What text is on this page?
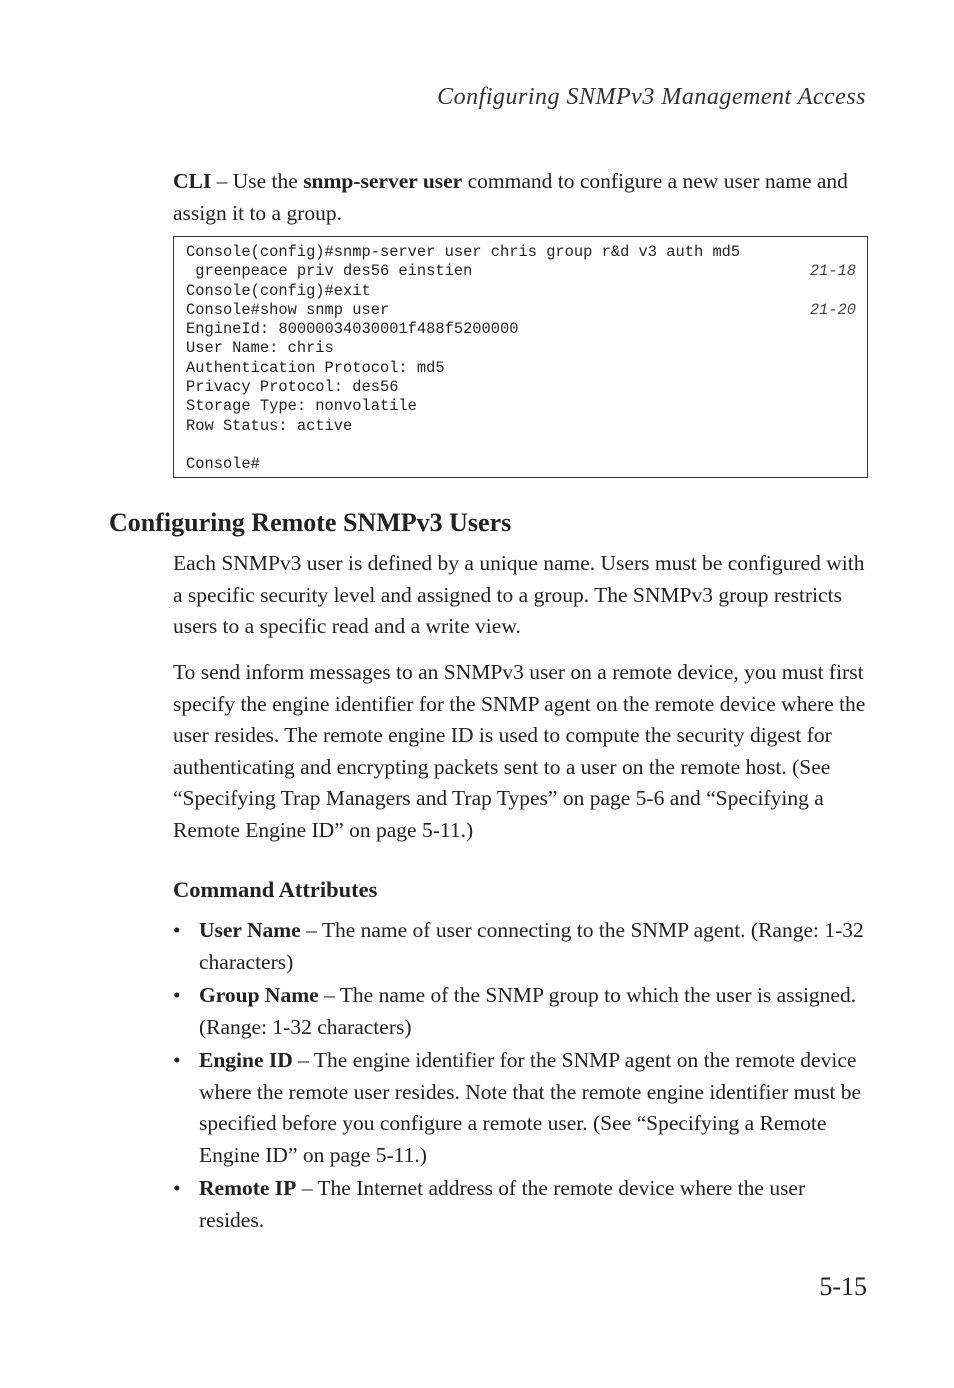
Configuring SNMPv3 Management Access

CLI – Use the snmp-server user command to configure a new user name and assign it to a group.

Console(config)#snmp-server user chris group r&d v3 auth md5
greenpeace priv des56 einstien	21-18
Console(config)#exit
Console#show snmp user	21-20
EngineId: 80000034030001f488f5200000
User Name: chris
Authentication Protocol: md5
Privacy Protocol: des56
Storage Type: nonvolatile
Row Status: active
Console#
Configuring Remote SNMPv3 Users

Each SNMPv3 user is defined by a unique name. Users must be configured with a specific security level and assigned to a group. The SNMPv3 group restricts users to a specific read and a write view.

To send inform messages to an SNMPv3 user on a remote device, you must first specify the engine identifier for the SNMP agent on the remote device where the user resides. The remote engine ID is used to compute the security digest for authenticating and encrypting packets sent to a user on the remote host. (See “Specifying Trap Managers and Trap Types” on page 5-6 and “Specifying a Remote Engine ID” on page 5-11.)

Command Attributes
• User Name – The name of user connecting to the SNMP agent. (Range: 1-32 characters)
• Group Name – The name of the SNMP group to which the user is assigned. (Range: 1-32 characters)
• Engine ID – The engine identifier for the SNMP agent on the remote device where the remote user resides. Note that the remote engine identifier must be specified before you configure a remote user. (See “Specifying a Remote Engine ID” on page 5-11.)
• Remote IP – The Internet address of the remote device where the user resides.
5-15
